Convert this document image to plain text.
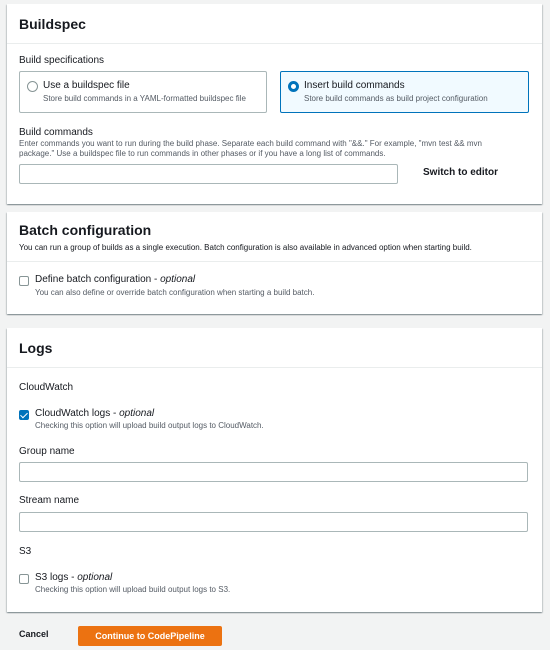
Buildspec
Build specifications
Use a buildspec file
Store build commands in a YAML-formatted buildspec file
Insert build commands
Store build commands as build project configuration
Build commands
Enter commands you want to run during the build phase. Separate each build command with "&&." For example, "mvn test && mvn package." Use a buildspec file to run commands in other phases or if you have a long list of commands.
Switch to editor
Batch configuration
You can run a group of builds as a single execution. Batch configuration is also available in advanced option when starting build.
Define batch configuration - optional
You can also define or override batch configuration when starting a build batch.
Logs
CloudWatch
CloudWatch logs - optional
Checking this option will upload build output logs to CloudWatch.
Group name
Stream name
S3
S3 logs - optional
Checking this option will upload build output logs to S3.
Cancel	Continue to CodePipeline
